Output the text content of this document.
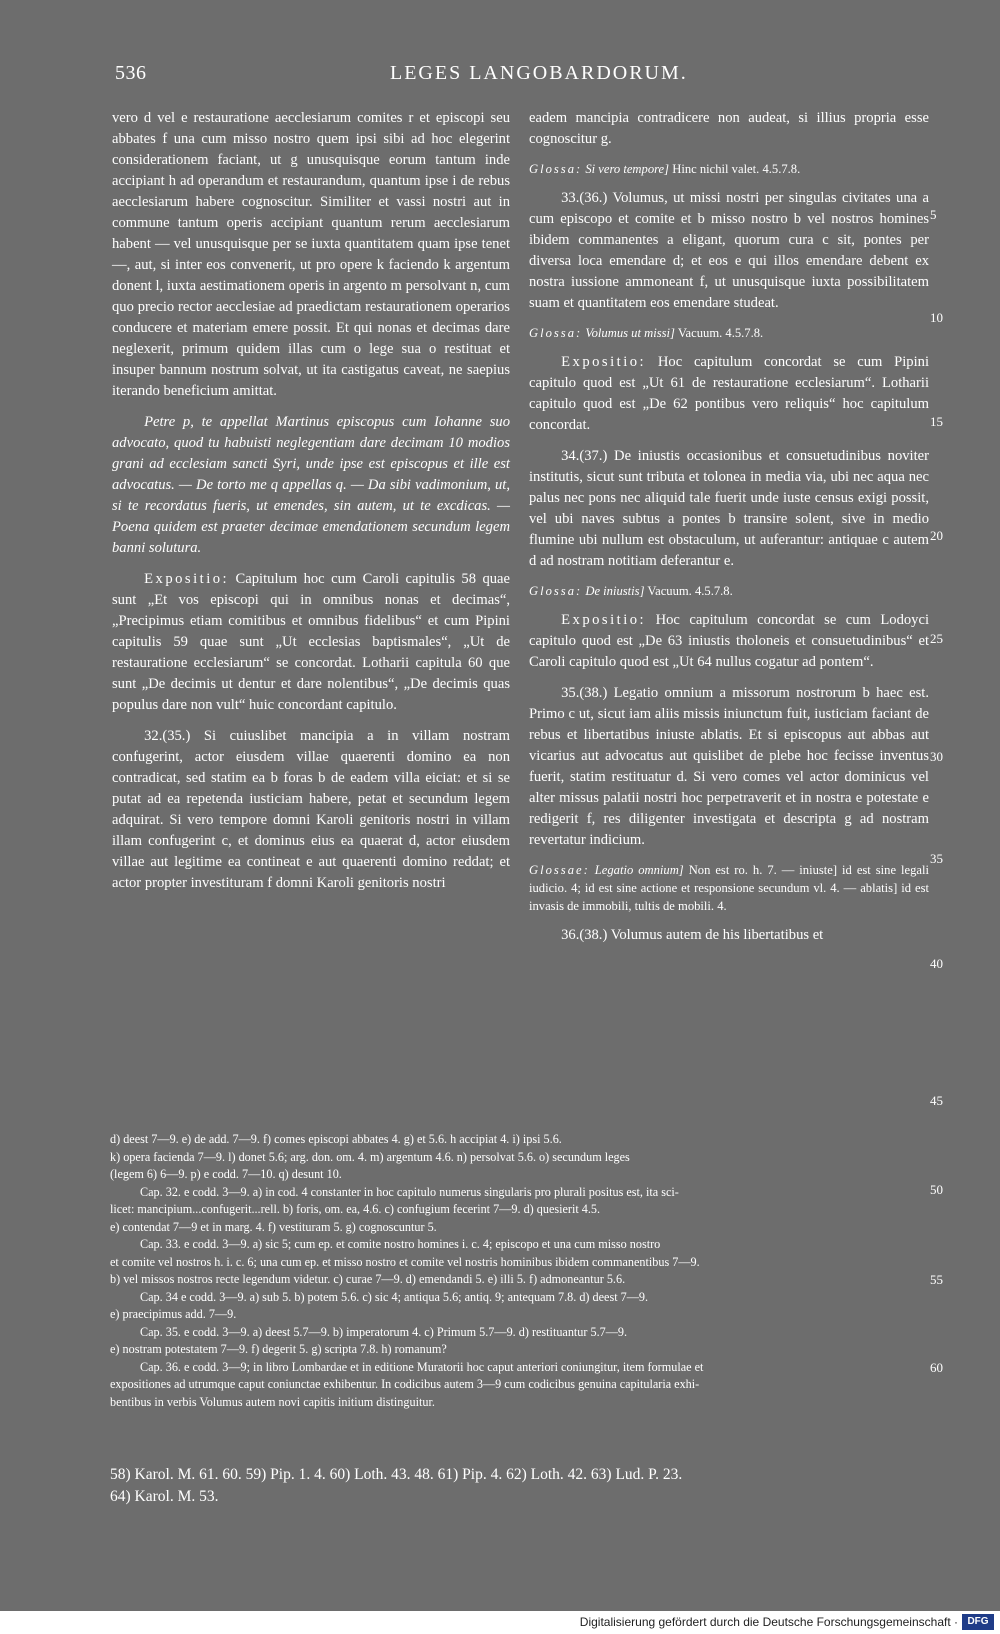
536	LEGES LANGOBARDORUM.

vero d vel e restauratione aecclesiarum comites r et episcopi seu abbates f una cum misso nostro quem ipsi sibi ad hoc elegerint considerationem faciant, ut g unusquisque eorum tantum inde accipiant h ad operandum et restaurandum, quantum ipse i de rebus aecclesiarum habere cognoscitur. Similiter et vassi nostri aut in commune tantum operis accipiant quantum rerum aecclesiarum habent — vel unusquisque per se iuxta quantitatem quam ipse tenet —, aut, si inter eos convenerit, ut pro opere k faciendo k argentum donent l, iuxta aestimationem operis in argento m persolvant n, cum quo precio rector aecclesiae ad praedictam restaurationem operarios conducere et materiam emere possit. Et qui nonas et decimas dare neglexerit, primum quidem illas cum o lege sua o restituat et insuper bannum nostrum solvat, ut ita castigatus caveat, ne saepius iterando beneficium amittat.

Petre p, te appellat Martinus episcopus cum Iohanne suo advocato, quod tu habuisti neglegentiam dare decimam 10 modios grani ad ecclesiam sancti Syri, unde ipse est episcopus et ille est advocatus. — De torto me q appellas q. — Da sibi vadimonium, ut, si te recordatus fueris, ut emendes, sin autem, ut te excdicas. — Poena quidem est praeter decimae emendationem secundum legem banni solutura.

Expositio: Capitulum hoc cum Caroli capitulis 58 quae sunt „Et vos episcopi qui in omnibus nonas et decimas“, „Precipimus etiam comitibus et omnibus fidelibus“ et cum Pipini capitulis 59 quae sunt „Ut ecclesias baptismales“, „Ut de restauratione ecclesiarum“ se concordat. Lotharii capitula 60 que sunt „De decimis ut dentur et dare nolentibus“, „De decimis quas populus dare non vult“ huic concordant capitulo.

32.(35.) Si cuiuslibet mancipia a in villam nostram confugerint, actor eiusdem villae quaerenti domino ea non contradicat, sed statim ea b foras b de eadem villa eiciat: et si se putat ad ea repetenda iusticiam habere, petat et secundum legem adquirat. Si vero tempore domni Karoli genitoris nostri in villam illam confugerint c, et dominus eius ea quaerat d, actor eiusdem villae aut legitime ea contineat e aut quaerenti domino reddat; et actor propter investituram f domni Karoli genitoris nostri

eadem mancipia contradicere non audeat, si illius propria esse cognoscitur g.

Glossa: Si vero tempore] Hinc nichil valet. 4.5.7.8.

33.(36.) Volumus, ut missi nostri per singulas civitates una a cum episcopo et comite et b misso nostro b vel nostros homines ibidem commanentes a eligant, quorum cura c sit, pontes per diversa loca emendare d; et eos e qui illos emendare debent ex nostra iussione ammoneant f, ut unusquisque iuxta possibilitatem suam et quantitatem eos emendare studeat.

Glossa: Volumus ut missi] Vacuum. 4.5.7.8.

Expositio: Hoc capitulum concordat se cum Pipini capitulo quod est „Ut 61 de restauratione ecclesiarum“. Lotharii capitulo quod est „De 62 pontibus vero reliquis“ hoc capitulum concordat.

34.(37.) De iniustis occasionibus et consuetudinibus noviter institutis, sicut sunt tributa et tolonea in media via, ubi nec aqua nec palus nec pons nec aliquid tale fuerit unde iuste census exigi possit, vel ubi naves subtus a pontes b transire solent, sive in medio flumine ubi nullum est obstaculum, ut auferantur: antiquae c autem d ad nostram notitiam deferantur e.

Glossa: De iniustis] Vacuum. 4.5.7.8.

Expositio: Hoc capitulum concordat se cum Lodoyci capitulo quod est „De 63 iniustis tholoneis et consuetudinibus“ et Caroli capitulo quod est „Ut 64 nullus cogatur ad pontem“.

35.(38.) Legatio omnium a missorum nostrorum b haec est. Primo c ut, sicut iam aliis missis iniunctum fuit, iusticiam faciant de rebus et libertatibus iniuste ablatis. Et si episcopus aut abbas aut vicarius aut advocatus aut quislibet de plebe hoc fecisse inventus fuerit, statim restituatur d. Si vero comes vel actor dominicus vel alter missus palatii nostri hoc perpetraverit et in nostra e potestate e redigerit f, res diligenter investigata et descripta g ad nostram revertatur indicium.

Glossae: Legatio omnium] Non est ro. h. 7. — iniuste] id est sine legali iudicio. 4; id est sine actione et responsione secundum vl. 4. — ablatis] id est invasis de immobili, tultis de mobili. 4.

36.(38.) Volumus autem de his libertatibus et

5
10
15
20
25
30
35
40
45
50
55
60
d) deest 7—9. e) de add. 7—9. f) comes episcopi abbates 4. g) et 5.6. h accipiat 4. i) ipsi 5.6.
k) opera facienda 7—9. l) donet 5.6; arg. don. om. 4. m) argentum 4.6. n) persolvat 5.6. o) secundum leges
(legem 6) 6—9. p) e codd. 7—10. q) desunt 10.
Cap. 32. e codd. 3—9. a) in cod. 4 constanter in hoc capitulo numerus singularis pro plurali positus est, ita sci-
licet: mancipium...confugerit...rell. b) foris, om. ea, 4.6. c) confugium fecerint 7—9. d) quesierit 4.5.
e) contendat 7—9 et in marg. 4. f) vestituram 5. g) cognoscuntur 5.
Cap. 33. e codd. 3—9. a) sic 5; cum ep. et comite nostro homines i. c. 4; episcopo et una cum misso nostro
et comite vel nostros h. i. c. 6; una cum ep. et misso nostro et comite vel nostris hominibus ibidem commanentibus 7—9.
b) vel missos nostros recte legendum videtur. c) curae 7—9. d) emendandi 5. e) illi 5. f) admoneantur 5.6.
Cap. 34 e codd. 3—9. a) sub 5. b) potem 5.6. c) sic 4; antiqua 5.6; antiq. 9; antequam 7.8. d) deest 7—9.
e) praecipimus add. 7—9.
Cap. 35. e codd. 3—9. a) deest 5.7—9. b) imperatorum 4. c) Primum 5.7—9. d) restituantur 5.7—9.
e) nostram potestatem 7—9. f) degerit 5. g) scripta 7.8. h) romanum?
Cap. 36. e codd. 3—9; in libro Lombardae et in editione Muratorii hoc caput anteriori coniungitur, item formulae et
expositiones ad utrumque caput coniunctae exhibentur. In codicibus autem 3—9 cum codicibus genuina capitularia exhi-
bentibus in verbis Volumus autem novi capitis initium distinguitur.
58) Karol. M. 61. 60. 59) Pip. 1. 4. 60) Loth. 43. 48. 61) Pip. 4. 62) Loth. 42. 63) Lud. P. 23.
64) Karol. M. 53.
Digitalisierung gefördert durch die Deutsche Forschungsgemeinschaft · DFG
